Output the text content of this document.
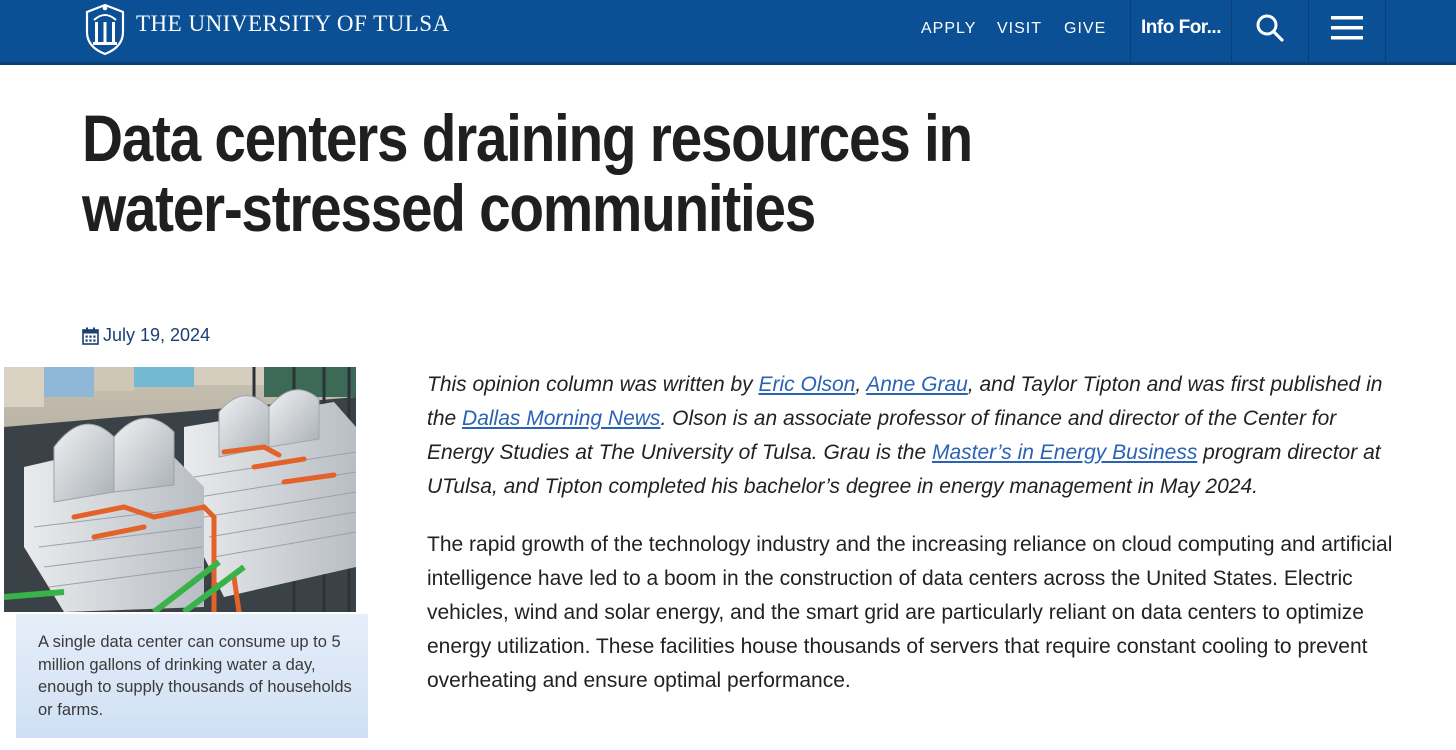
THE UNIVERSITY OF TULSA	APPLY VISIT GIVE Info For...
Data centers draining resources in water-stressed communities
July 19, 2024
A single data center can consume up to 5 million gallons of drinking water a day, enough to supply thousands of households or farms.

This opinion column was written by Eric Olson, Anne Grau, and Taylor Tipton and was first published in the Dallas Morning News. Olson is an associate professor of finance and director of the Center for Energy Studies at The University of Tulsa. Grau is the Master’s in Energy Business program director at UTulsa, and Tipton completed his bachelor’s degree in energy management in May 2024.

The rapid growth of the technology industry and the increasing reliance on cloud computing and artificial intelligence have led to a boom in the construction of data centers across the United States. Electric vehicles, wind and solar energy, and the smart grid are particularly reliant on data centers to optimize energy utilization. These facilities house thousands of servers that require constant cooling to prevent overheating and ensure optimal performance.
